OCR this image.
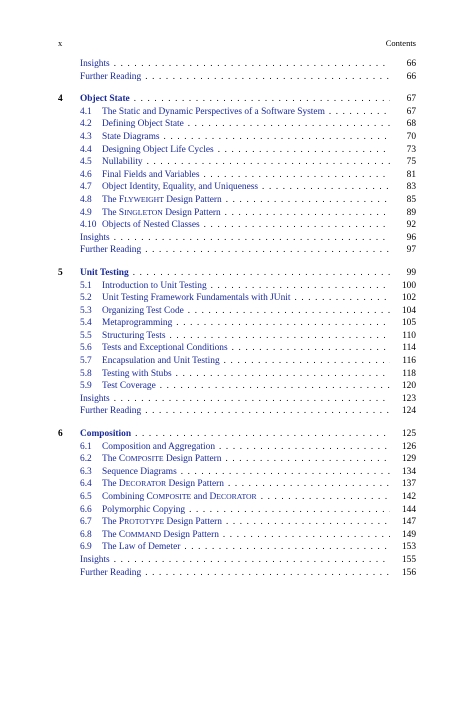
x	Contents
Insights . . .	66
Further Reading . . .	66
4	Object State . . .	67
4.1	The Static and Dynamic Perspectives of a Software System . . .	67
4.2	Defining Object State . . .	68
4.3	State Diagrams . . .	70
4.4	Designing Object Life Cycles . . .	73
4.5	Nullability . . .	75
4.6	Final Fields and Variables . . .	81
4.7	Object Identity, Equality, and Uniqueness . . .	83
4.8	The FLYWEIGHT Design Pattern . . .	85
4.9	The SINGLETON Design Pattern . . .	89
4.10 Objects of Nested Classes . . .	92
Insights . . .	96
Further Reading . . .	97
5	Unit Testing . . .	99
5.1	Introduction to Unit Testing . . .	100
5.2	Unit Testing Framework Fundamentals with JUnit . . .	102
5.3	Organizing Test Code . . .	104
5.4	Metaprogramming . . .	105
5.5	Structuring Tests . . .	110
5.6	Tests and Exceptional Conditions . . .	114
5.7	Encapsulation and Unit Testing . . .	116
5.8	Testing with Stubs . . .	118
5.9	Test Coverage . . .	120
Insights . . .	123
Further Reading . . .	124
6	Composition . . .	125
6.1	Composition and Aggregation . . .	126
6.2	The COMPOSITE Design Pattern . . .	129
6.3	Sequence Diagrams . . .	134
6.4	The DECORATOR Design Pattern . . .	137
6.5	Combining COMPOSITE and DECORATOR . . .	142
6.6	Polymorphic Copying . . .	144
6.7	The PROTOTYPE Design Pattern . . .	147
6.8	The COMMAND Design Pattern . . .	149
6.9	The Law of Demeter . . .	153
Insights . . .	155
Further Reading . . .	156
